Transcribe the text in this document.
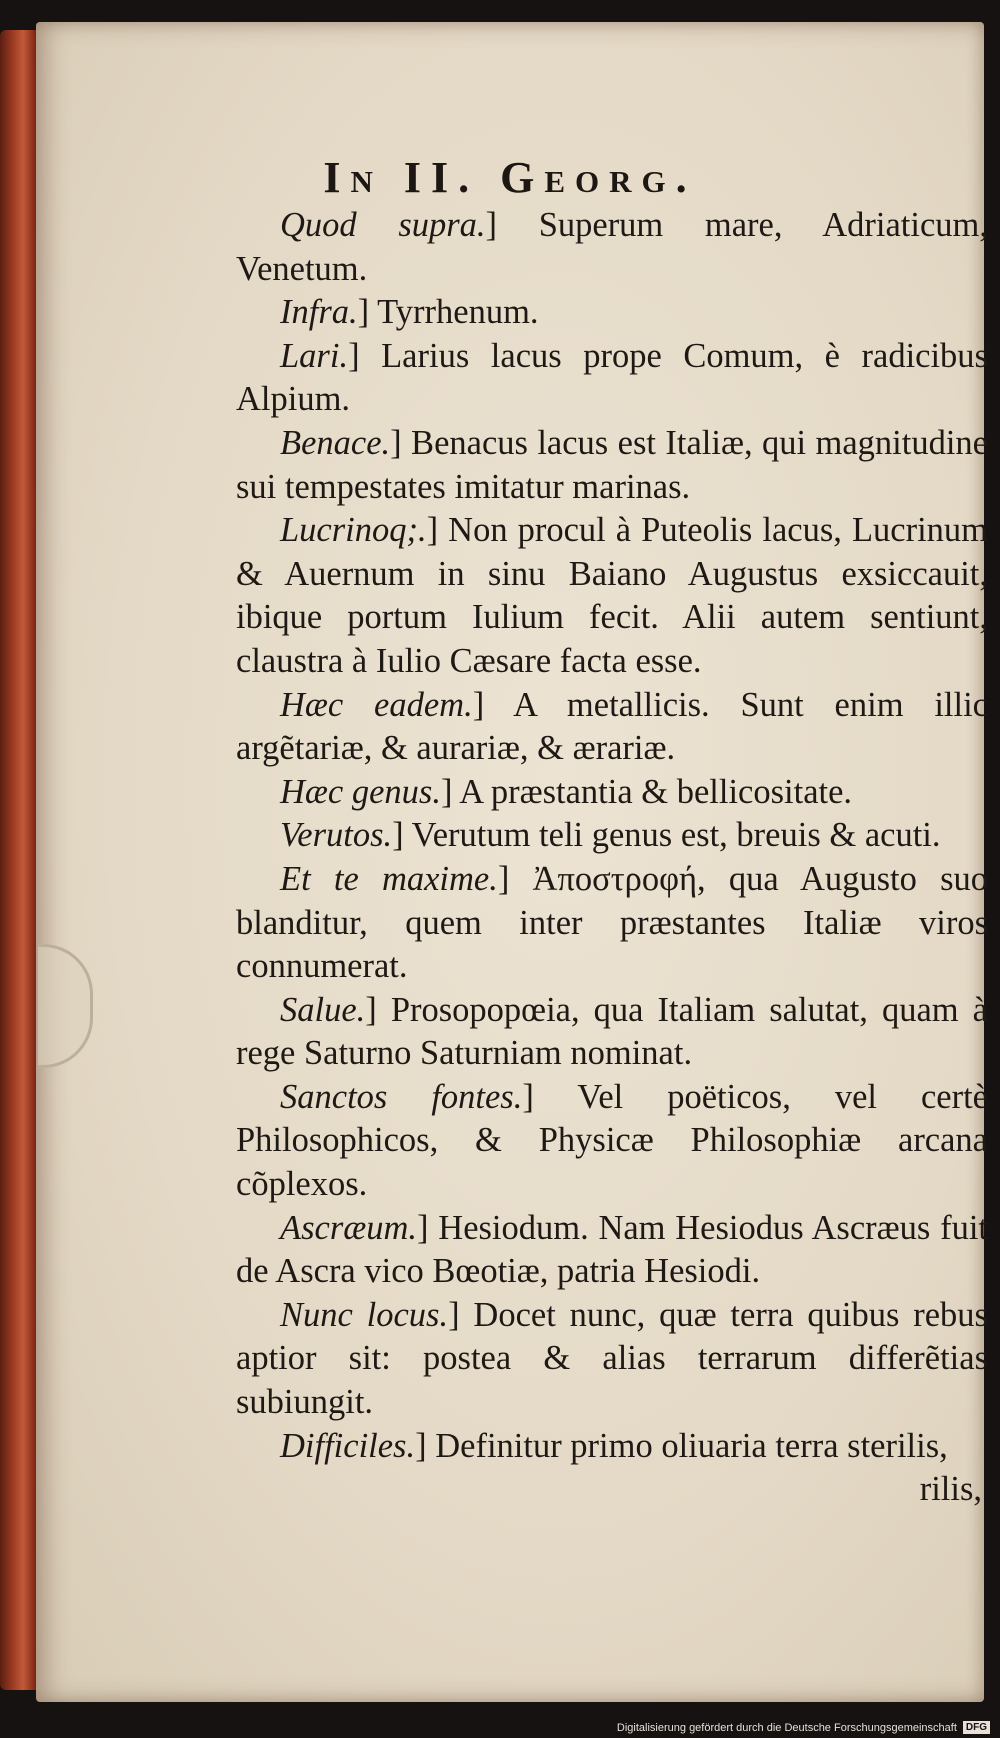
In II. Georg.

Quod supra.] Superum mare, Adriaticum, Venetum.

Infra.] Tyrrhenum.

Lari.] Larius lacus prope Comum, è radicibus Alpium.

Benace.] Benacus lacus est Italiæ, qui magnitudine sui tempestates imitatur marinas.

Lucrinoq;.] Non procul à Puteolis lacus, Lucrinum & Auernum in sinu Baiano Augustus exsiccauit, ibique portum Iulium fecit. Alii autem sentiunt, claustra à Iulio Cæsare facta esse.

Hæc eadem.] A metallicis. Sunt enim illic argẽtariæ, & aurariæ, & ærariæ.

Hæc genus.] A præstantia & bellicositate.

Verutos.] Verutum teli genus est, breuis & acuti.

Et te maxime.] Ἀποστροφή, qua Augusto suo blanditur, quem inter præstantes Italiæ viros connumerat.

Salue.] Prosopopœia, qua Italiam salutat, quam à rege Saturno Saturniam nominat.

Sanctos fontes.] Vel poëticos, vel certè Philosophicos, & Physicæ Philosophiæ arcana cõplexos.

Ascræum.] Hesiodum. Nam Hesiodus Ascræus fuit de Ascra vico Bœotiæ, patria Hesiodi.

Nunc locus.] Docet nunc, quæ terra quibus rebus aptior sit: postea & alias terrarum differẽtias subiungit.

Difficiles.] Definitur primo oliuaria terra sterilis,

rilis,

Digitalisierung gefördert durch die Deutsche Forschungsgemeinschaft DFG
